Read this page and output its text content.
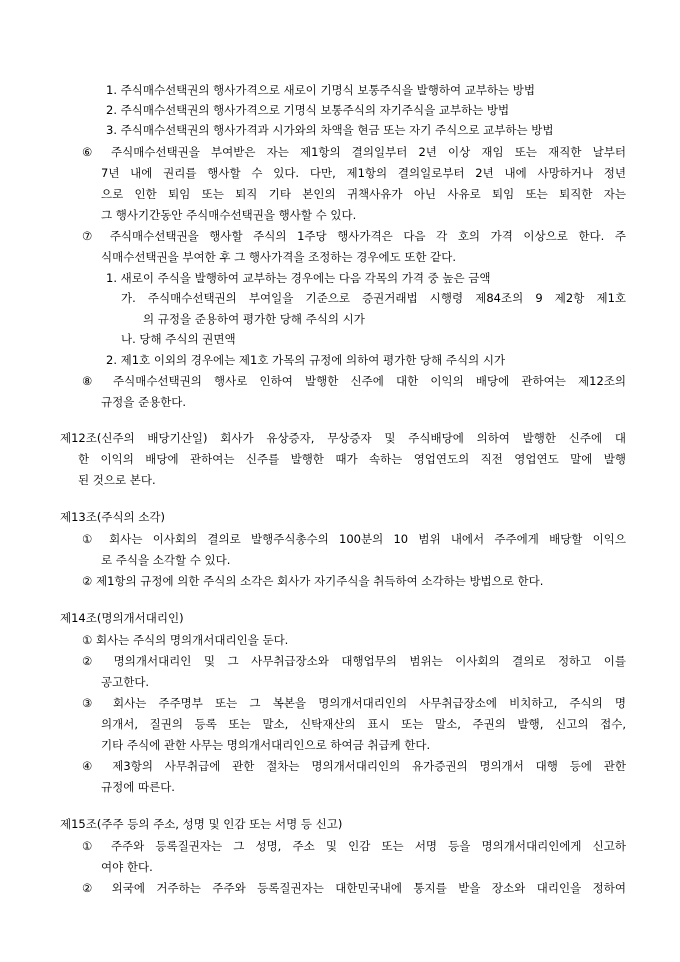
1. 주식매수선택권의 행사가격으로 새로이 기명식 보통주식을 발행하여 교부하는 방법
2. 주식매수선택권의 행사가격으로 기명식 보통주식의 자기주식을 교부하는 방법
3. 주식매수선택권의 행사가격과 시가와의 차액을 현금 또는 자기 주식으로 교부하는 방법
⑥ 주식매수선택권을 부여받은 자는 제1항의 결의일부터 2년 이상 재임 또는 재직한 날부터
7년 내에 권리를 행사할 수 있다. 다만, 제1항의 결의일로부터 2년 내에 사망하거나 정년
으로 인한 퇴임 또는 퇴직 기타 본인의 귀책사유가 아닌 사유로 퇴임 또는 퇴직한 자는
그 행사기간동안 주식매수선택권을 행사할 수 있다.
⑦ 주식매수선택권을 행사할 주식의 1주당 행사가격은 다음 각 호의 가격 이상으로 한다. 주
식매수선택권을 부여한 후 그 행사가격을 조정하는 경우에도 또한 같다.
1. 새로이 주식을 발행하여 교부하는 경우에는 다음 각목의 가격 중 높은 금액
가. 주식매수선택권의 부여일을 기준으로 증권거래법 시행령 제84조의 9 제2항 제1호
의 규정을 준용하여 평가한 당해 주식의 시가
나. 당해 주식의 권면액
2. 제1호 이외의 경우에는 제1호 가목의 규정에 의하여 평가한 당해 주식의 시가
⑧ 주식매수선택권의 행사로 인하여 발행한 신주에 대한 이익의 배당에 관하여는 제12조의
규정을 준용한다.
제12조(신주의 배당기산일) 회사가 유상증자, 무상증자 및 주식배당에 의하여 발행한 신주에 대
한 이익의 배당에 관하여는 신주를 발행한 때가 속하는 영업연도의 직전 영업연도 말에 발행
된 것으로 본다.
제13조(주식의 소각)
① 회사는 이사회의 결의로 발행주식총수의 100분의 10 범위 내에서 주주에게 배당할 이익으
로 주식을 소각할 수 있다.
② 제1항의 규정에 의한 주식의 소각은 회사가 자기주식을 취득하여 소각하는 방법으로 한다.
제14조(명의개서대리인)
① 회사는 주식의 명의개서대리인을 둔다.
② 명의개서대리인 및 그 사무취급장소와 대행업무의 범위는 이사회의 결의로 정하고 이를
공고한다.
③ 회사는 주주명부 또는 그 복본을 명의개서대리인의 사무취급장소에 비치하고, 주식의 명
의개서, 질권의 등록 또는 말소, 신탁재산의 표시 또는 말소, 주권의 발행, 신고의 접수,
기타 주식에 관한 사무는 명의개서대리인으로 하여금 취급케 한다.
④ 제3항의 사무취급에 관한 절차는 명의개서대리인의 유가증권의 명의개서 대행 등에 관한
규정에 따른다.
제15조(주주 등의 주소, 성명 및 인감 또는 서명 등 신고)
① 주주와 등록질권자는 그 성명, 주소 및 인감 또는 서명 등을 명의개서대리인에게 신고하
여야 한다.
② 외국에 거주하는 주주와 등록질권자는 대한민국내에 통지를 받을 장소와 대리인을 정하여
